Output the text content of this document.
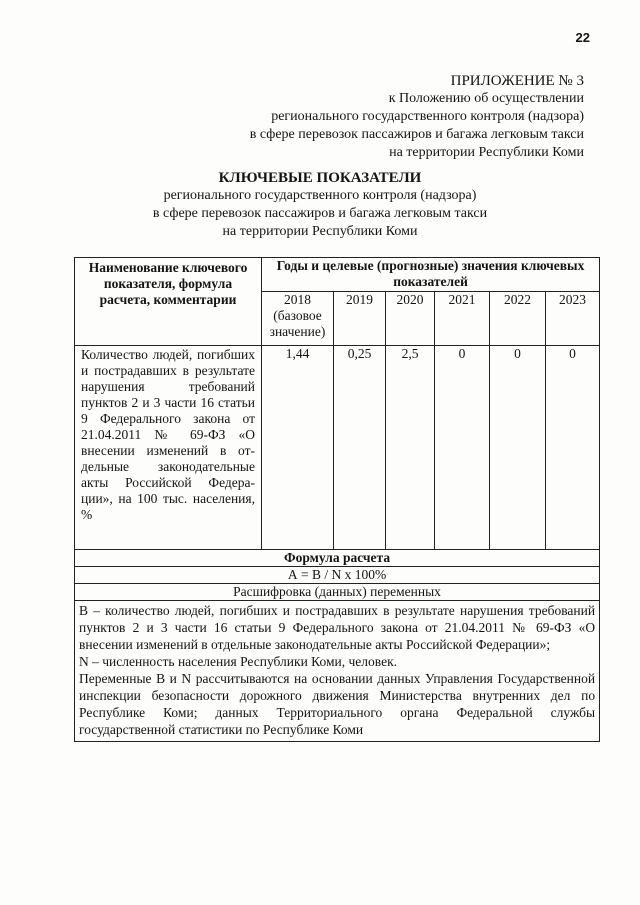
22
ПРИЛОЖЕНИЕ № 3
к Положению об осуществлении
регионального государственного контроля (надзора)
в сфере перевозок пассажиров и багажа легковым такси
на территории Республики Коми
КЛЮЧЕВЫЕ ПОКАЗАТЕЛИ
регионального государственного контроля (надзора)
в сфере перевозок пассажиров и багажа легковым такси
на территории Республики Коми
Наименование ключевого показателя, формула расчета, комментарии	Годы и целевые (прогнозные) значения ключевых показателей					
	2018 (базовое значение)	2019	2020	2021	2022	2023
Количество людей, погибших и пострадавших в результате нарушения требований пунктов 2 и 3 части 16 статьи 9 Федерального закона от 21.04.2011 № 69-ФЗ «О внесении изменений в отдельные законодательные акты Российской Федерации», на 100 тыс. населения, %	1,44	0,25	2,5	0	0	0
Формула расчета						
А = В / N х 100%						
Расшифровка (данных) переменных						

В – количество людей, погибших и пострадавших в результате нарушения требований пунктов 2 и 3 части 16 статьи 9 Федерального закона от 21.04.2011 № 69-ФЗ «О внесении изменений в отдельные законодательные акты Российской Федерации»;

N – численность населения Республики Коми, человек.

Переменные В и N рассчитываются на основании данных Управления Государственной инспекции безопасности дорожного движения Министерства внутренних дел по Республике Коми; данных Территориального органа Федеральной службы государственной статистики по Республике Коми						
